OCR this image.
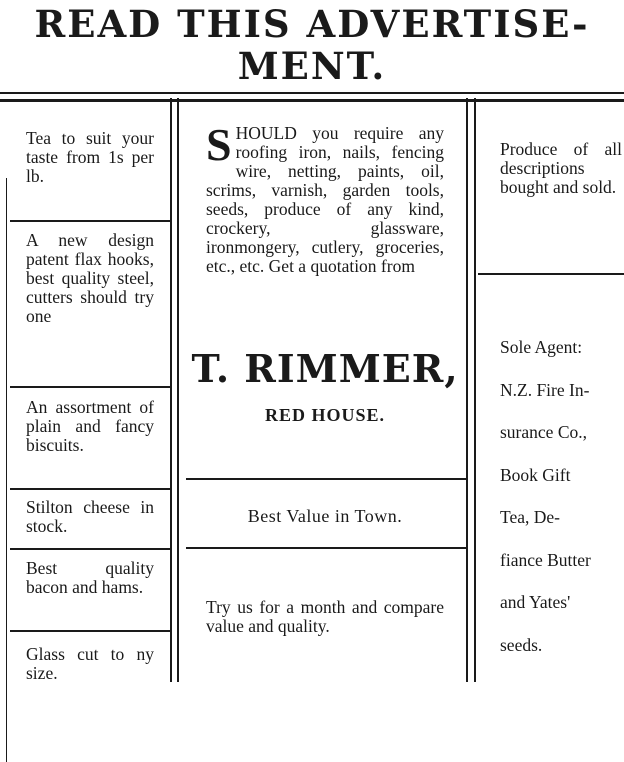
READ THIS ADVERTISE-
MENT.
Tea to suit your taste from 1s per lb.
A new design patent flax hooks, best quality steel, cutters should try one
An assortment of plain and fancy biscuits.
Stilton cheese in stock.
Best quality bacon and hams.
Glass cut to ny size.
SHOULD you require any roofing iron, nails, fencing wire, netting, paints, oil, scrims, varnish, garden tools, seeds, produce of any kind, crockery, glassware, ironmongery, cutlery, groceries, etc., etc. Get a quotation from
T. RIMMER,
RED HOUSE.
Best Value in Town.
Try us for a month and compare value and quality.
Produce of all descriptions bought and sold.
Sole Agent:
N.Z. Fire In-
surance Co.,
Book Gift
Tea, De-
fiance Butter
and Yates'
seeds.
